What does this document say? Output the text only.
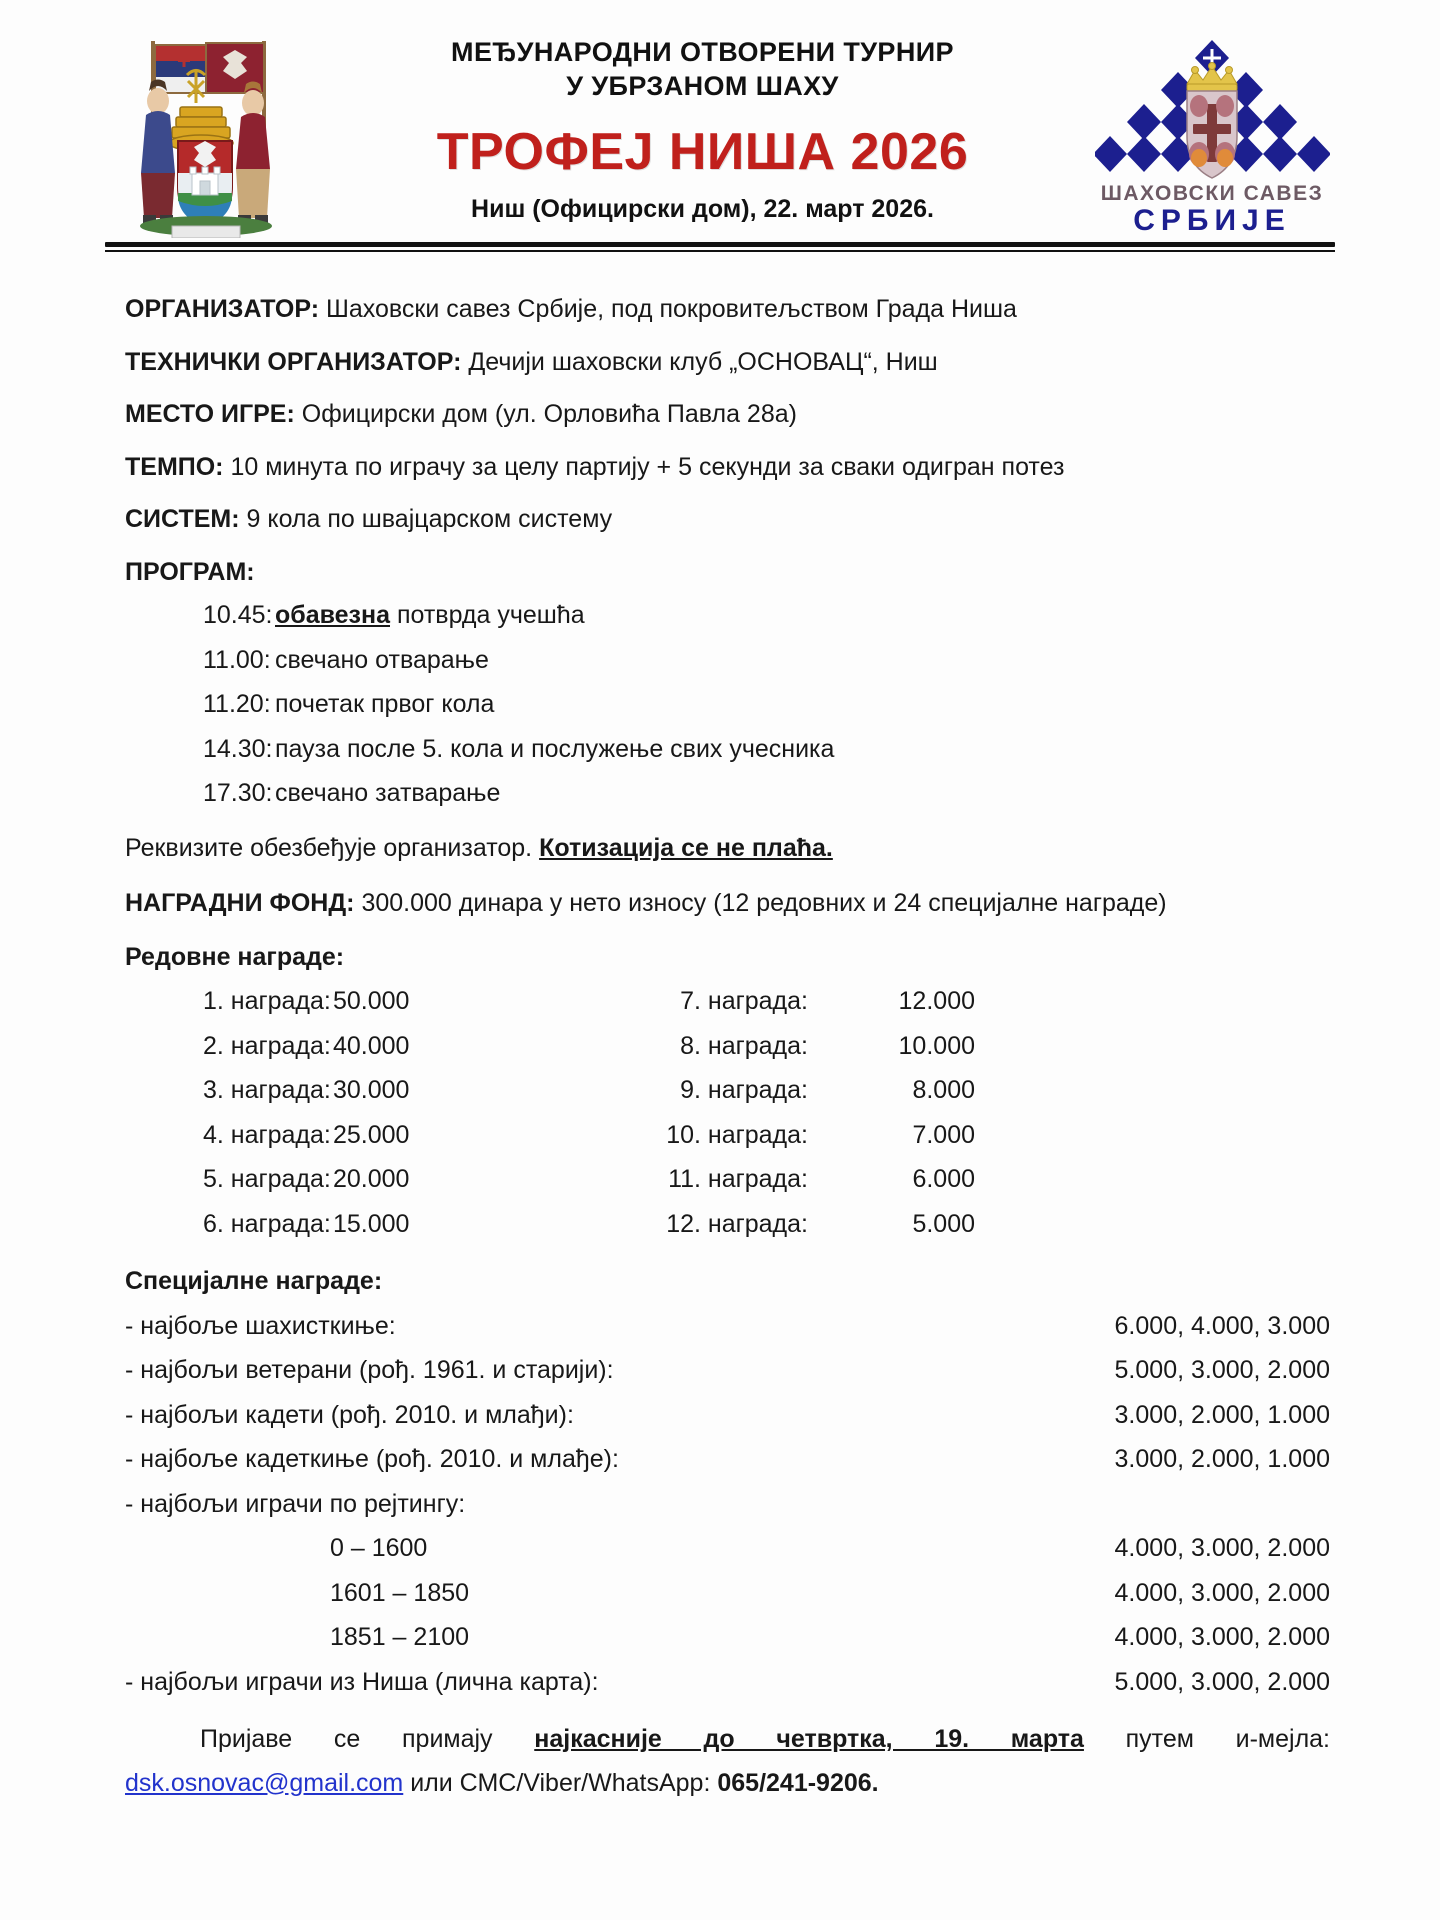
МЕЂУНАРОДНИ ОТВОРЕНИ ТУРНИР
У УБРЗАНОМ ШАХУ
ТРОФЕЈ НИША 2026
Ниш (Официрски дом), 22. март 2026.
ШАХОВСКИ САВЕЗ
СРБИЈЕ
ОРГАНИЗАТОР: Шаховски савез Србије, под покровитељством Града Ниша
ТЕХНИЧКИ ОРГАНИЗАТОР: Дечији шаховски клуб „ОСНОВАЦ“, Ниш
МЕСТО ИГРЕ: Официрски дом (ул. Орловића Павла 28а)
ТЕМПО: 10 минута по играчу за целу партију + 5 секунди за сваки одигран потез
СИСТЕМ: 9 кола по швајцарском систему
ПРОГРАМ:
10.45: обавезна потврда учешћа
11.00: свечано отварање
11.20: почетак првог кола
14.30: пауза после 5. кола и послужење свих учесника
17.30: свечано затварање
Реквизите обезбеђује организатор. Котизација се не плаћа.
НАГРАДНИ ФОНД: 300.000 динара у нето износу (12 редовних и 24 специјалне награде)
Редовне награде:
1. награда: 50.000	7. награда:	12.000
2. награда: 40.000	8. награда:	10.000
3. награда: 30.000	9. награда:	8.000
4. награда: 25.000	10. награда:	7.000
5. награда: 20.000	11. награда:	6.000
6. награда: 15.000	12. награда:	5.000
Специјалне награде:
- најбоље шахисткиње:	6.000, 4.000, 3.000
- најбољи ветерани (рођ. 1961. и старији):	5.000, 3.000, 2.000
- најбољи кадети (рођ. 2010. и млађи):	3.000, 2.000, 1.000
- најбоље кадеткиње (рођ. 2010. и млађе):	3.000, 2.000, 1.000
- најбољи играчи по рејтингу:
0 – 1600	4.000, 3.000, 2.000
1601 – 1850	4.000, 3.000, 2.000
1851 – 2100	4.000, 3.000, 2.000
- најбољи играчи из Ниша (лична карта):	5.000, 3.000, 2.000
Пријаве се примају најкасније до четвртка, 19. марта путем и-мејла:
dsk.osnovac@gmail.com или СМС/Viber/WhatsApp: 065/241-9206.
